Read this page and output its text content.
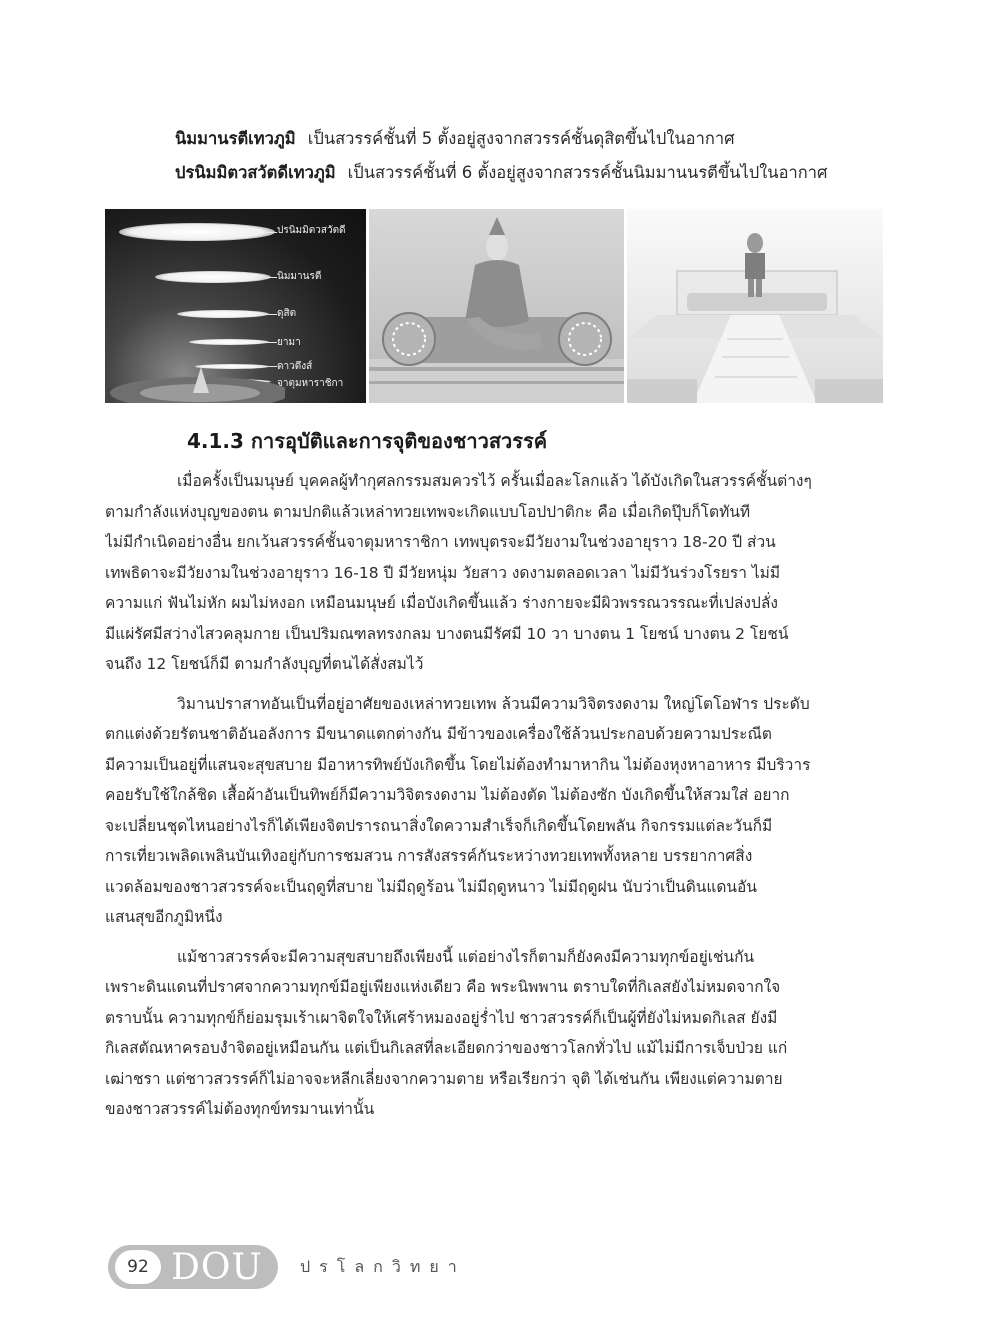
นิมมานรตีเทวภูมิ เป็นสวรรค์ชั้นที่ 5 ตั้งอยู่สูงจากสวรรค์ชั้นดุสิตขึ้นไปในอากาศ
ปรนิมมิตวสวัตดีเทวภูมิ เป็นสวรรค์ชั้นที่ 6 ตั้งอยู่สูงจากสวรรค์ชั้นนิมมานนรตีขึ้นไปในอากาศ
ปรนิมมิตวสวัตดี
นิมมานรตี
ดุสิต
ยามา
ดาวดึงส์
จาตุมหาราชิกา
4.1.3 การอุบัติและการจุติของชาวสวรรค์

เมื่อครั้งเป็นมนุษย์ บุคคลผู้ทำกุศลกรรมสมควรไว้ ครั้นเมื่อละโลกแล้ว ได้บังเกิดในสวรรค์ชั้นต่างๆ
ตามกำลังแห่งบุญของตน ตามปกติแล้วเหล่าทวยเทพจะเกิดแบบโอปปาติกะ คือ เมื่อเกิดปุ๊บก็โตทันที
ไม่มีกำเนิดอย่างอื่น ยกเว้นสวรรค์ชั้นจาตุมหาราชิกา เทพบุตรจะมีวัยงามในช่วงอายุราว 18-20 ปี ส่วน
เทพธิดาจะมีวัยงามในช่วงอายุราว 16-18 ปี มีวัยหนุ่ม วัยสาว งดงามตลอดเวลา ไม่มีวันร่วงโรยรา ไม่มี
ความแก่ ฟันไม่หัก ผมไม่หงอก เหมือนมนุษย์ เมื่อบังเกิดขึ้นแล้ว ร่างกายจะมีผิวพรรณวรรณะที่เปล่งปลั่ง
มีแผ่รัศมีสว่างไสวคลุมกาย เป็นปริมณฑลทรงกลม บางตนมีรัศมี 10 วา บางตน 1 โยชน์ บางตน 2 โยชน์
จนถึง 12 โยชน์ก็มี ตามกำลังบุญที่ตนได้สั่งสมไว้

วิมานปราสาทอันเป็นที่อยู่อาศัยของเหล่าทวยเทพ ล้วนมีความวิจิตรงดงาม ใหญ่โตโอฬาร ประดับ
ตกแต่งด้วยรัตนชาติอันอลังการ มีขนาดแตกต่างกัน มีข้าวของเครื่องใช้ล้วนประกอบด้วยความประณีต
มีความเป็นอยู่ที่แสนจะสุขสบาย มีอาหารทิพย์บังเกิดขึ้น โดยไม่ต้องทำมาหากิน ไม่ต้องหุงหาอาหาร มีบริวาร
คอยรับใช้ใกล้ชิด เสื้อผ้าอันเป็นทิพย์ก็มีความวิจิตรงดงาม ไม่ต้องตัด ไม่ต้องซัก บังเกิดขึ้นให้สวมใส่ อยาก
จะเปลี่ยนชุดไหนอย่างไรก็ได้เพียงจิตปรารถนาสิ่งใดความสำเร็จก็เกิดขึ้นโดยพลัน กิจกรรมแต่ละวันก็มี
การเที่ยวเพลิดเพลินบันเทิงอยู่กับการชมสวน การสังสรรค์กันระหว่างทวยเทพทั้งหลาย บรรยากาศสิ่ง
แวดล้อมของชาวสวรรค์จะเป็นฤดูที่สบาย ไม่มีฤดูร้อน ไม่มีฤดูหนาว ไม่มีฤดูฝน นับว่าเป็นดินแดนอัน
แสนสุขอีกภูมิหนึ่ง

แม้ชาวสวรรค์จะมีความสุขสบายถึงเพียงนี้ แต่อย่างไรก็ตามก็ยังคงมีความทุกข์อยู่เช่นกัน
เพราะดินแดนที่ปราศจากความทุกข์มีอยู่เพียงแห่งเดียว คือ พระนิพพาน ตราบใดที่กิเลสยังไม่หมดจากใจ
ตราบนั้น ความทุกข์ก็ย่อมรุมเร้าเผาจิตใจให้เศร้าหมองอยู่ร่ำไป ชาวสวรรค์ก็เป็นผู้ที่ยังไม่หมดกิเลส ยังมี
กิเลสตัณหาครอบงำจิตอยู่เหมือนกัน แต่เป็นกิเลสที่ละเอียดกว่าของชาวโลกทั่วไป แม้ไม่มีการเจ็บป่วย แก่
เฒ่าชรา แต่ชาวสวรรค์ก็ไม่อาจจะหลีกเลี่ยงจากความตาย หรือเรียกว่า จุติ ได้เช่นกัน เพียงแต่ความตาย
ของชาวสวรรค์ไม่ต้องทุกข์ทรมานเท่านั้น

92 DOU ปรโลกวิทยา
